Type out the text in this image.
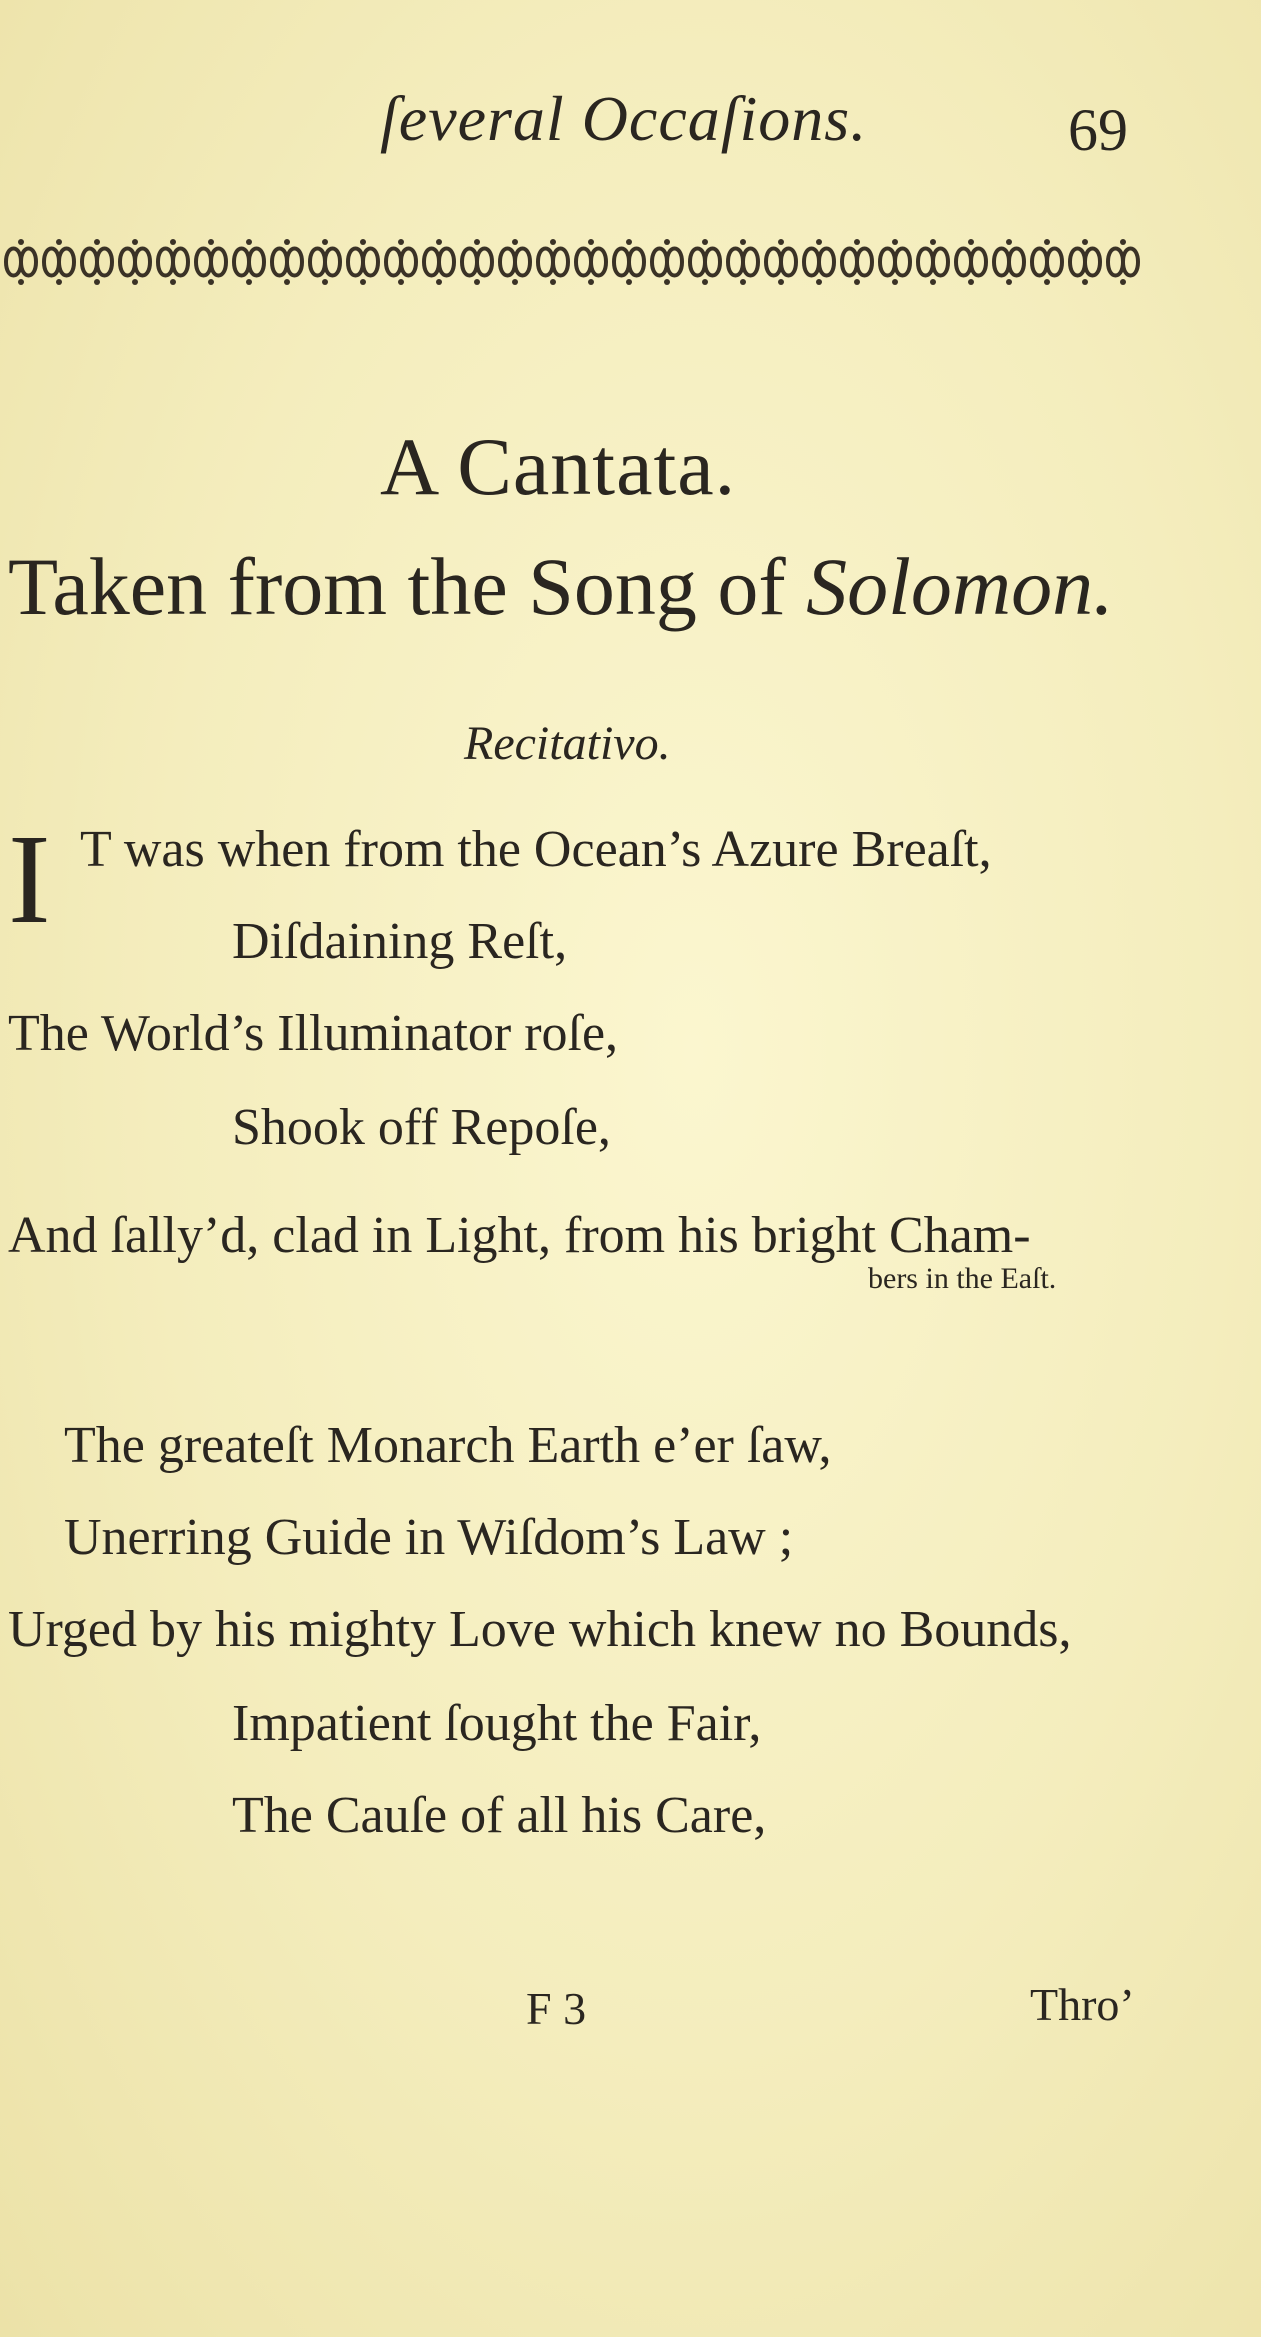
ſeveral Occaſions.	69
A Cantata.
Taken from the Song of Solomon.
Recitativo.
I T was when from the Ocean’s Azure Breaſt,
Diſdaining Reſt,
The World’s Illuminator roſe,
Shook off Repoſe,
And ſally’d, clad in Light, from his bright Cham-
bers in the Eaſt.
The greateſt Monarch Earth e’er ſaw,
Unerring Guide in Wiſdom’s Law ;
Urged by his mighty Love which knew no Bounds,
Impatient ſought the Fair,
The Cauſe of all his Care,
F 3	Thro’
